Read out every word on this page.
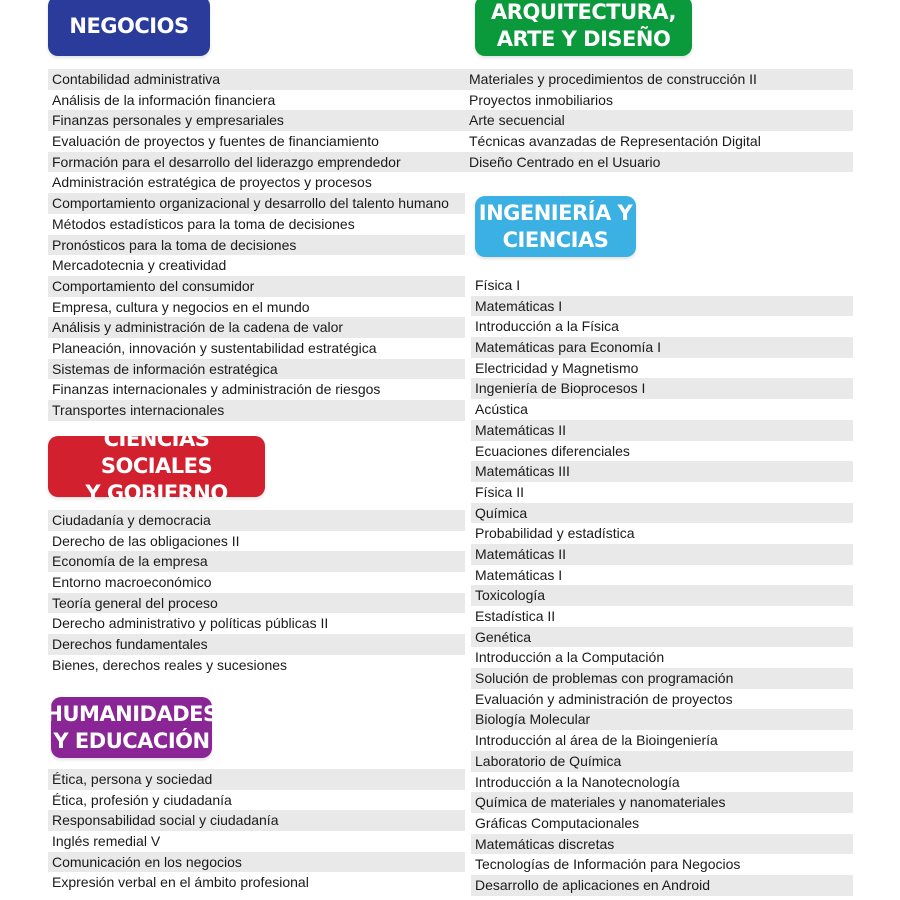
NEGOCIOS
ARQUITECTURA,
ARTE Y DISEÑO
CIENCIAS SOCIALES
Y GOBIERNO
INGENIERÍA Y
CIENCIAS
HUMANIDADES
Y EDUCACIÓN
Contabilidad administrativa
Análisis de la información financiera
Finanzas personales y empresariales
Evaluación de proyectos y fuentes de financiamiento
Formación para el desarrollo del liderazgo emprendedor
Administración estratégica de proyectos y procesos
Comportamiento organizacional y desarrollo del talento humano
Métodos estadísticos para la toma de decisiones
Pronósticos para la toma de decisiones
Mercadotecnia y creatividad
Comportamiento del consumidor
Empresa, cultura y negocios en el mundo
Análisis y administración de la cadena de valor
Planeación, innovación y sustentabilidad estratégica
Sistemas de información estratégica
Finanzas internacionales y administración de riesgos
Transportes internacionales
Ciudadanía y democracia
Derecho de las obligaciones II
Economía de la empresa
Entorno macroeconómico
Teoría general del proceso
Derecho administrativo y políticas públicas II
Derechos fundamentales
Bienes, derechos reales y sucesiones
Ética, persona y sociedad
Ética, profesión y ciudadanía
Responsabilidad social y ciudadanía
Inglés remedial V
Comunicación en los negocios
Expresión verbal en el ámbito profesional
Materiales y procedimientos de construcción II
Proyectos inmobiliarios
Arte secuencial
Técnicas avanzadas de Representación Digital
Diseño Centrado en el Usuario
Física I
Matemáticas I
Introducción a la Física
Matemáticas para Economía I
Electricidad y Magnetismo
Ingeniería de Bioprocesos I
Acústica
Matemáticas II
Ecuaciones diferenciales
Matemáticas III
Física II
Química
Probabilidad y estadística
Matemáticas II
Matemáticas I
Toxicología
Estadística II
Genética
Introducción a la Computación
Solución de problemas con programación
Evaluación y administración de proyectos
Biología Molecular
Introducción al área de la Bioingeniería
Laboratorio de Química
Introducción a la Nanotecnología
Química de materiales y nanomateriales
Gráficas Computacionales
Matemáticas discretas
Tecnologías de Información para Negocios
Desarrollo de aplicaciones en Android
